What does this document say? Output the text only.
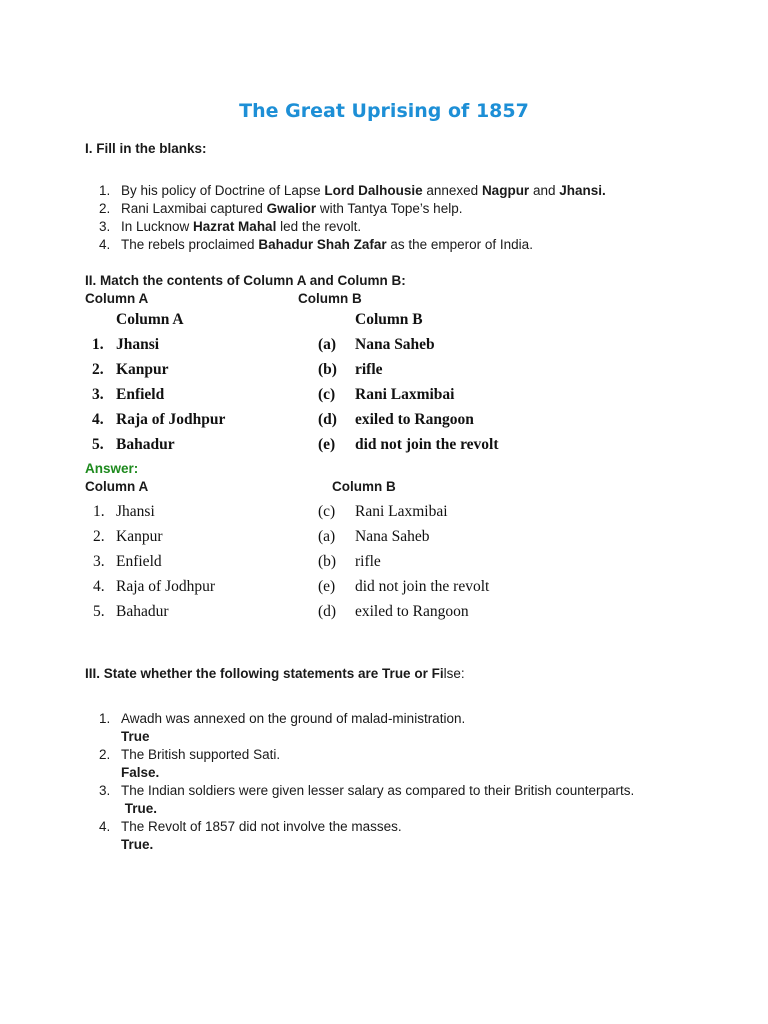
The Great Uprising of 1857
I. Fill in the blanks:
1. By his policy of Doctrine of Lapse Lord Dalhousie annexed Nagpur and Jhansi.
2. Rani Laxmibai captured Gwalior with Tantya Tope’s help.
3. In Lucknow Hazrat Mahal led the revolt.
4. The rebels proclaimed Bahadur Shah Zafar as the emperor of India.
II. Match the contents of Column A and Column B:
Column A	Column B
Column A	Column B
1. Jhansi	(a) Nana Saheb
2. Kanpur	(b) rifle
3. Enfield	(c) Rani Laxmibai
4. Raja of Jodhpur	(d) exiled to Rangoon
5. Bahadur	(e) did not join the revolt
Answer:
Column A	Column B
1. Jhansi	(c) Rani Laxmibai
2. Kanpur	(a) Nana Saheb
3. Enfield	(b) rifle
4. Raja of Jodhpur	(e) did not join the revolt
5. Bahadur	(d) exiled to Rangoon
III. State whether the following statements are True or Filse:
1. Awadh was annexed on the ground of malad-ministration.
True
2. The British supported Sati.
False.
3. The Indian soldiers were given lesser salary as compared to their British counterparts.
True.
4. The Revolt of 1857 did not involve the masses.
True.
